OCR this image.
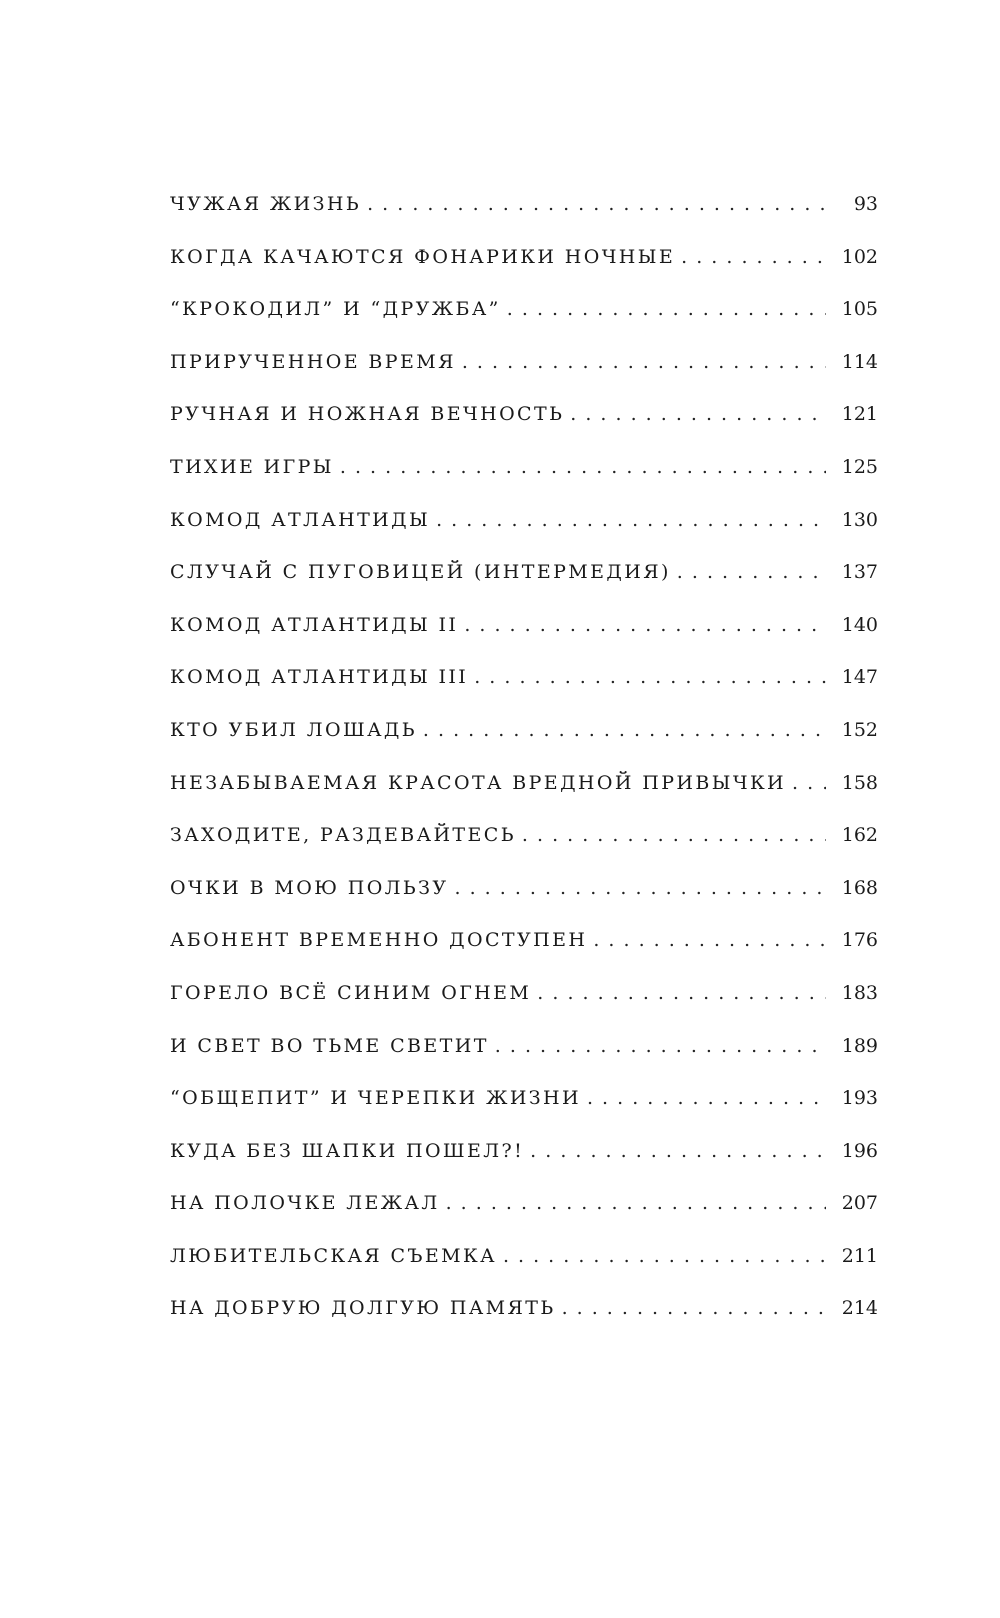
ЧУЖАЯ ЖИЗНЬ . . .	93
КОГДА КАЧАЮТСЯ ФОНАРИКИ НОЧНЫЕ . . .	102
“КРОКОДИЛ” И “ДРУЖБА” . . .	105
ПРИРУЧЕННОЕ ВРЕМЯ . . .	114
РУЧНАЯ И НОЖНАЯ ВЕЧНОСТЬ . . .	121
ТИХИЕ ИГРЫ . . .	125
КОМОД АТЛАНТИДЫ . . .	130
СЛУЧАЙ С ПУГОВИЦЕЙ (ИНТЕРМЕДИЯ) . . .	137
КОМОД АТЛАНТИДЫ II . . .	140
КОМОД АТЛАНТИДЫ III . . .	147
КТО УБИЛ ЛОШАДЬ . . .	152
НЕЗАБЫВАЕМАЯ КРАСОТА ВРЕДНОЙ ПРИВЫЧКИ . . .	158
ЗАХОДИТЕ, РАЗДЕВАЙТЕСЬ . . .	162
ОЧКИ В МОЮ ПОЛЬЗУ . . .	168
АБОНЕНТ ВРЕМЕННО ДОСТУПЕН . . .	176
ГОРЕЛО ВСЁ СИНИМ ОГНЕМ . . .	183
И СВЕТ ВО ТЬМЕ СВЕТИТ . . .	189
“ОБЩЕПИТ” И ЧЕРЕПКИ ЖИЗНИ . . .	193
КУДА БЕЗ ШАПКИ ПОШЕЛ?! . . .	196
НА ПОЛОЧКЕ ЛЕЖАЛ . . .	207
ЛЮБИТЕЛЬСКАЯ СЪЕМКА . . .	211
НА ДОБРУЮ ДОЛГУЮ ПАМЯТЬ . . .	214
